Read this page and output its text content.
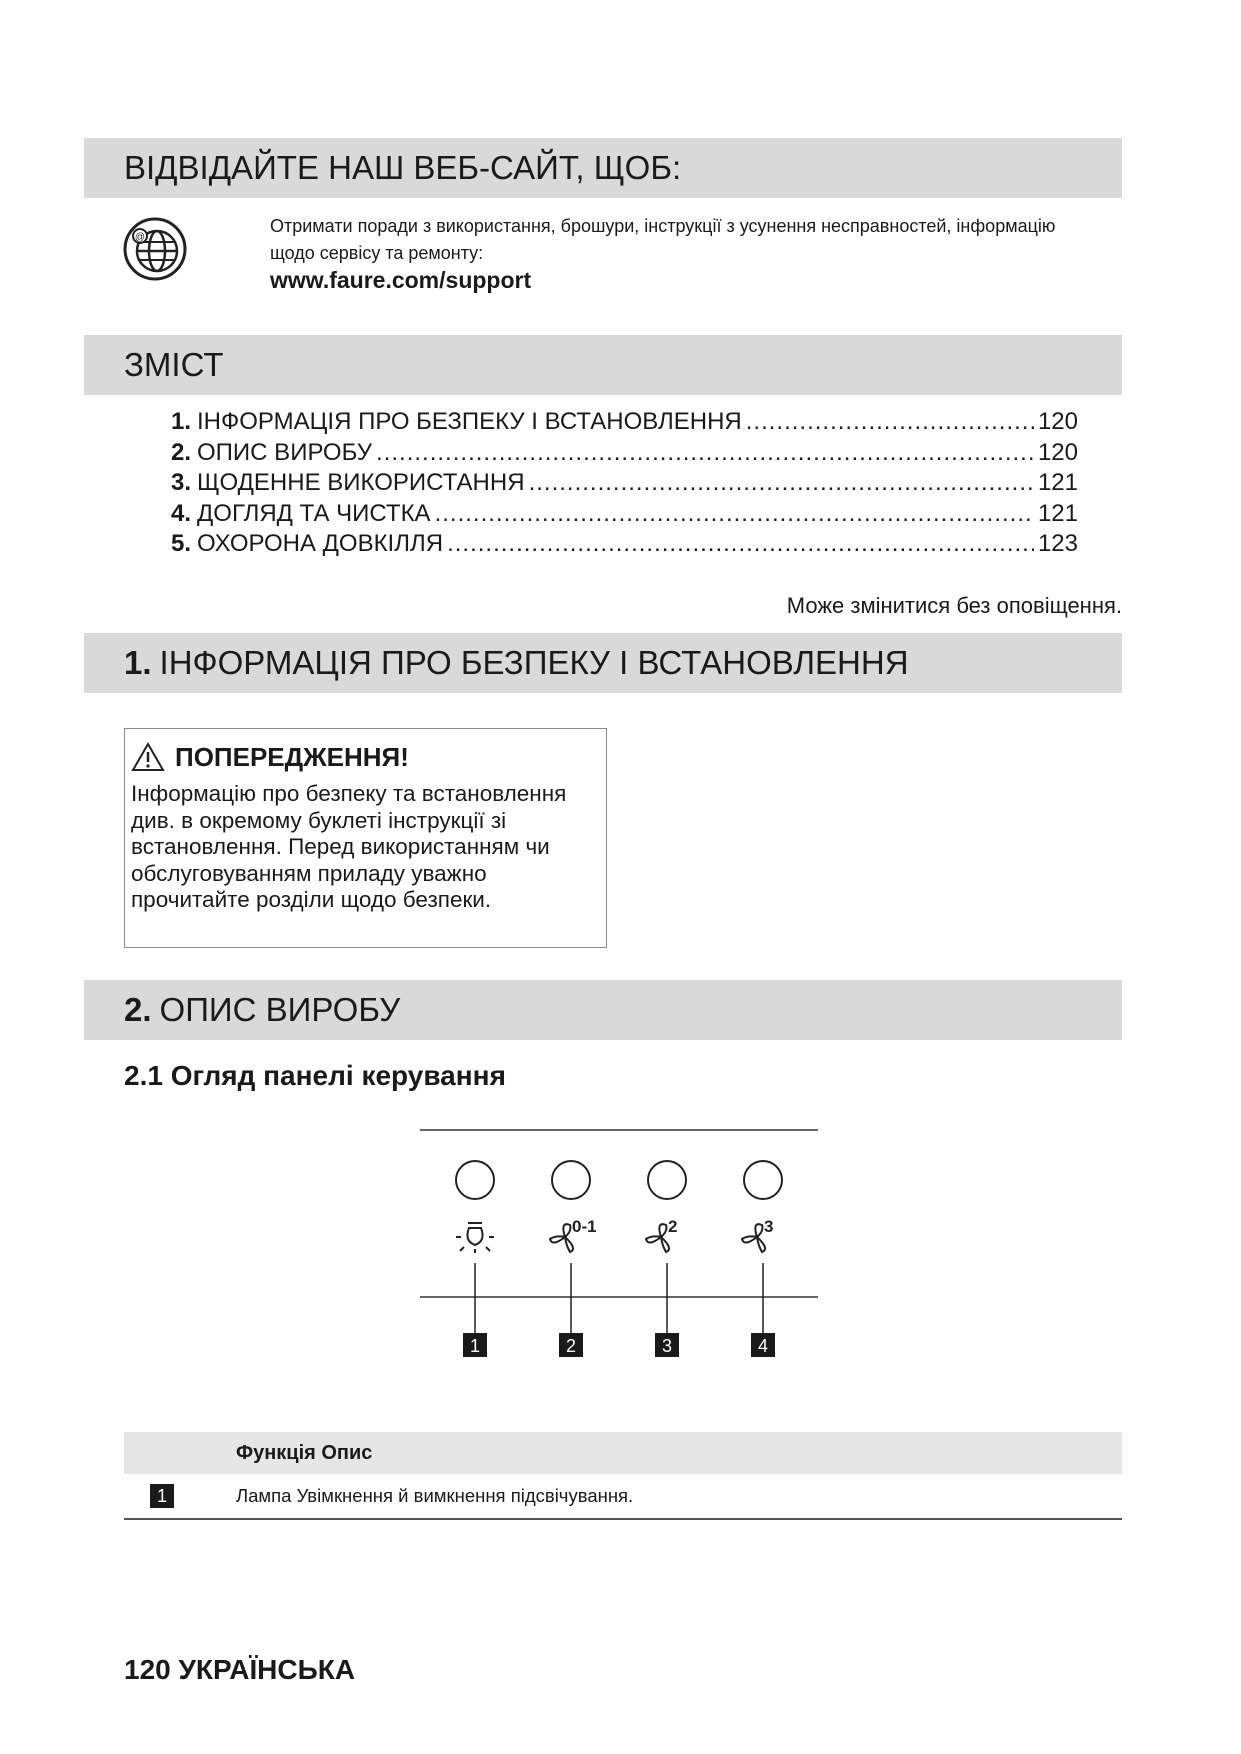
ВІДВІДАЙТЕ НАШ ВЕБ-САЙТ, ЩОБ:
@
Отримати поради з використання, брошури, інструкції з усунення несправностей, інформацію щодо сервісу та ремонту:
www.faure.com/support
ЗМІСТ
1. ІНФОРМАЦІЯ ПРО БЕЗПЕКУ І ВСТАНОВЛЕННЯ .....	120
2. ОПИС ВИРОБУ .....	120
3. ЩОДЕННЕ ВИКОРИСТАННЯ .....	121
4. ДОГЛЯД ТА ЧИСТКА .....	121
5. ОХОРОНА ДОВКІЛЛЯ .....	123
Може змінитися без оповіщення.
1. ІНФОРМАЦІЯ ПРО БЕЗПЕКУ І ВСТАНОВЛЕННЯ
ПОПЕРЕДЖЕННЯ!
Інформацію про безпеку та встановлення див. в окремому буклеті інструкції зі встановлення. Перед використанням чи обслуговуванням приладу уважно прочитайте розділи щодо безпеки.
2. ОПИС ВИРОБУ
2.1 Огляд панелі керування
0-1	2	3
1	2	3	4
Функція Опис
1	Лампа Увімкнення й вимкнення підсвічування.
120 УКРАЇНСЬКА
